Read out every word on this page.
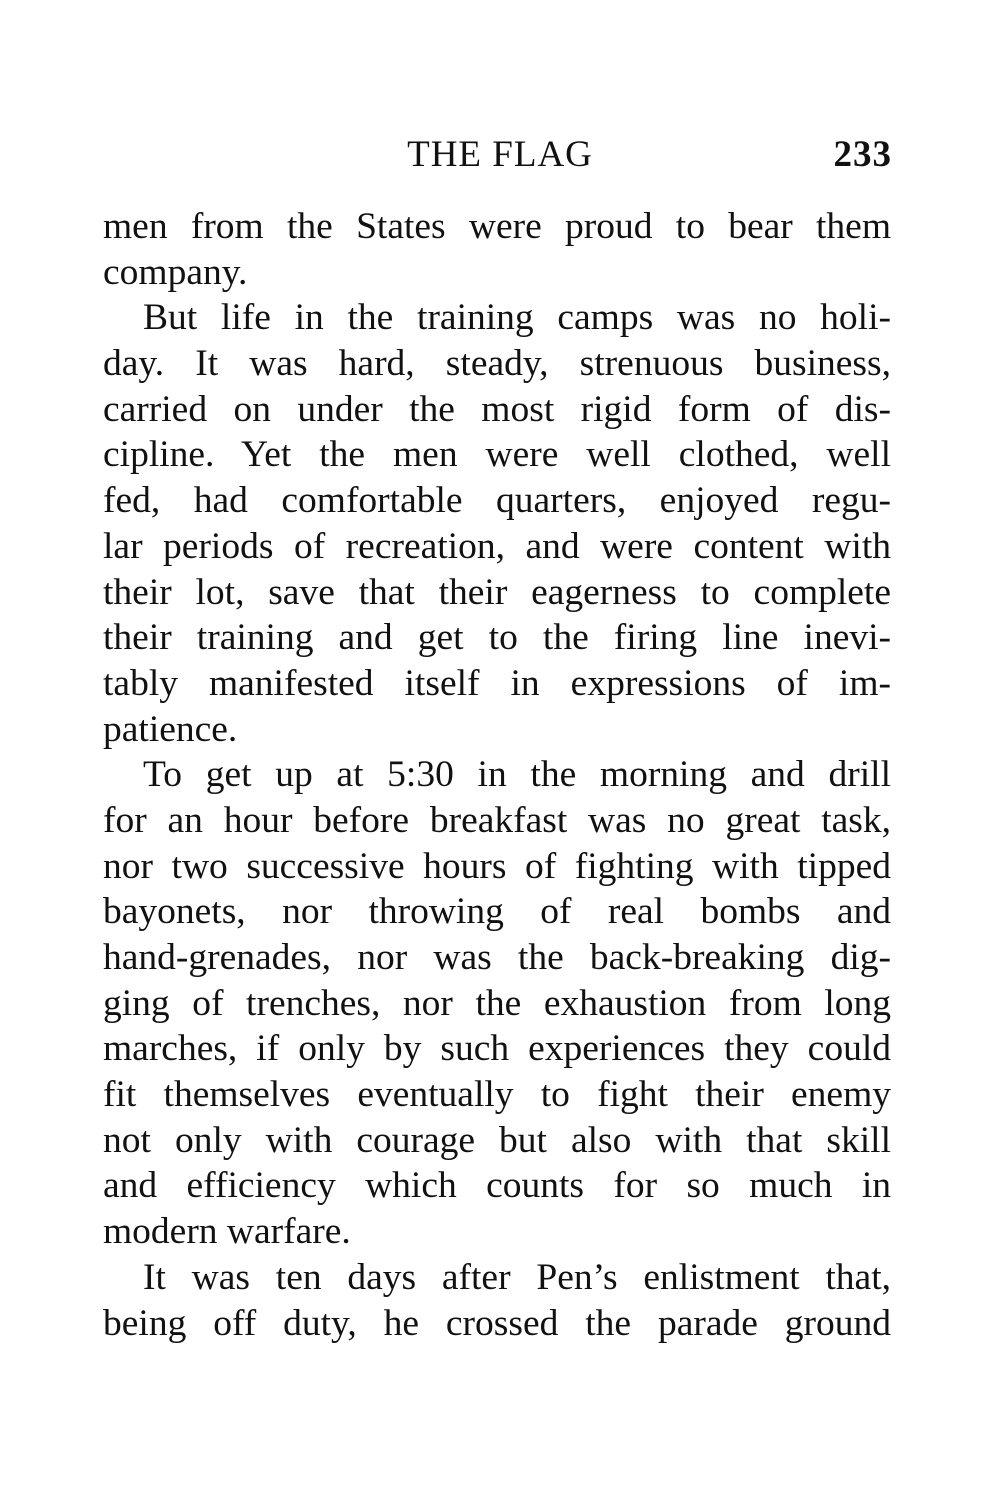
THE FLAG	233
men from the States were proud to bear them
company.
But life in the training camps was no holi-
day. It was hard, steady, strenuous business,
carried on under the most rigid form of dis-
cipline. Yet the men were well clothed, well
fed, had comfortable quarters, enjoyed regu-
lar periods of recreation, and were content with
their lot, save that their eagerness to complete
their training and get to the firing line inevi-
tably manifested itself in expressions of im-
patience.
To get up at 5:30 in the morning and drill
for an hour before breakfast was no great task,
nor two successive hours of fighting with tipped
bayonets, nor throwing of real bombs and
hand-grenades, nor was the back-breaking dig-
ging of trenches, nor the exhaustion from long
marches, if only by such experiences they could
fit themselves eventually to fight their enemy
not only with courage but also with that skill
and efficiency which counts for so much in
modern warfare.
It was ten days after Pen’s enlistment that,
being off duty, he crossed the parade ground
